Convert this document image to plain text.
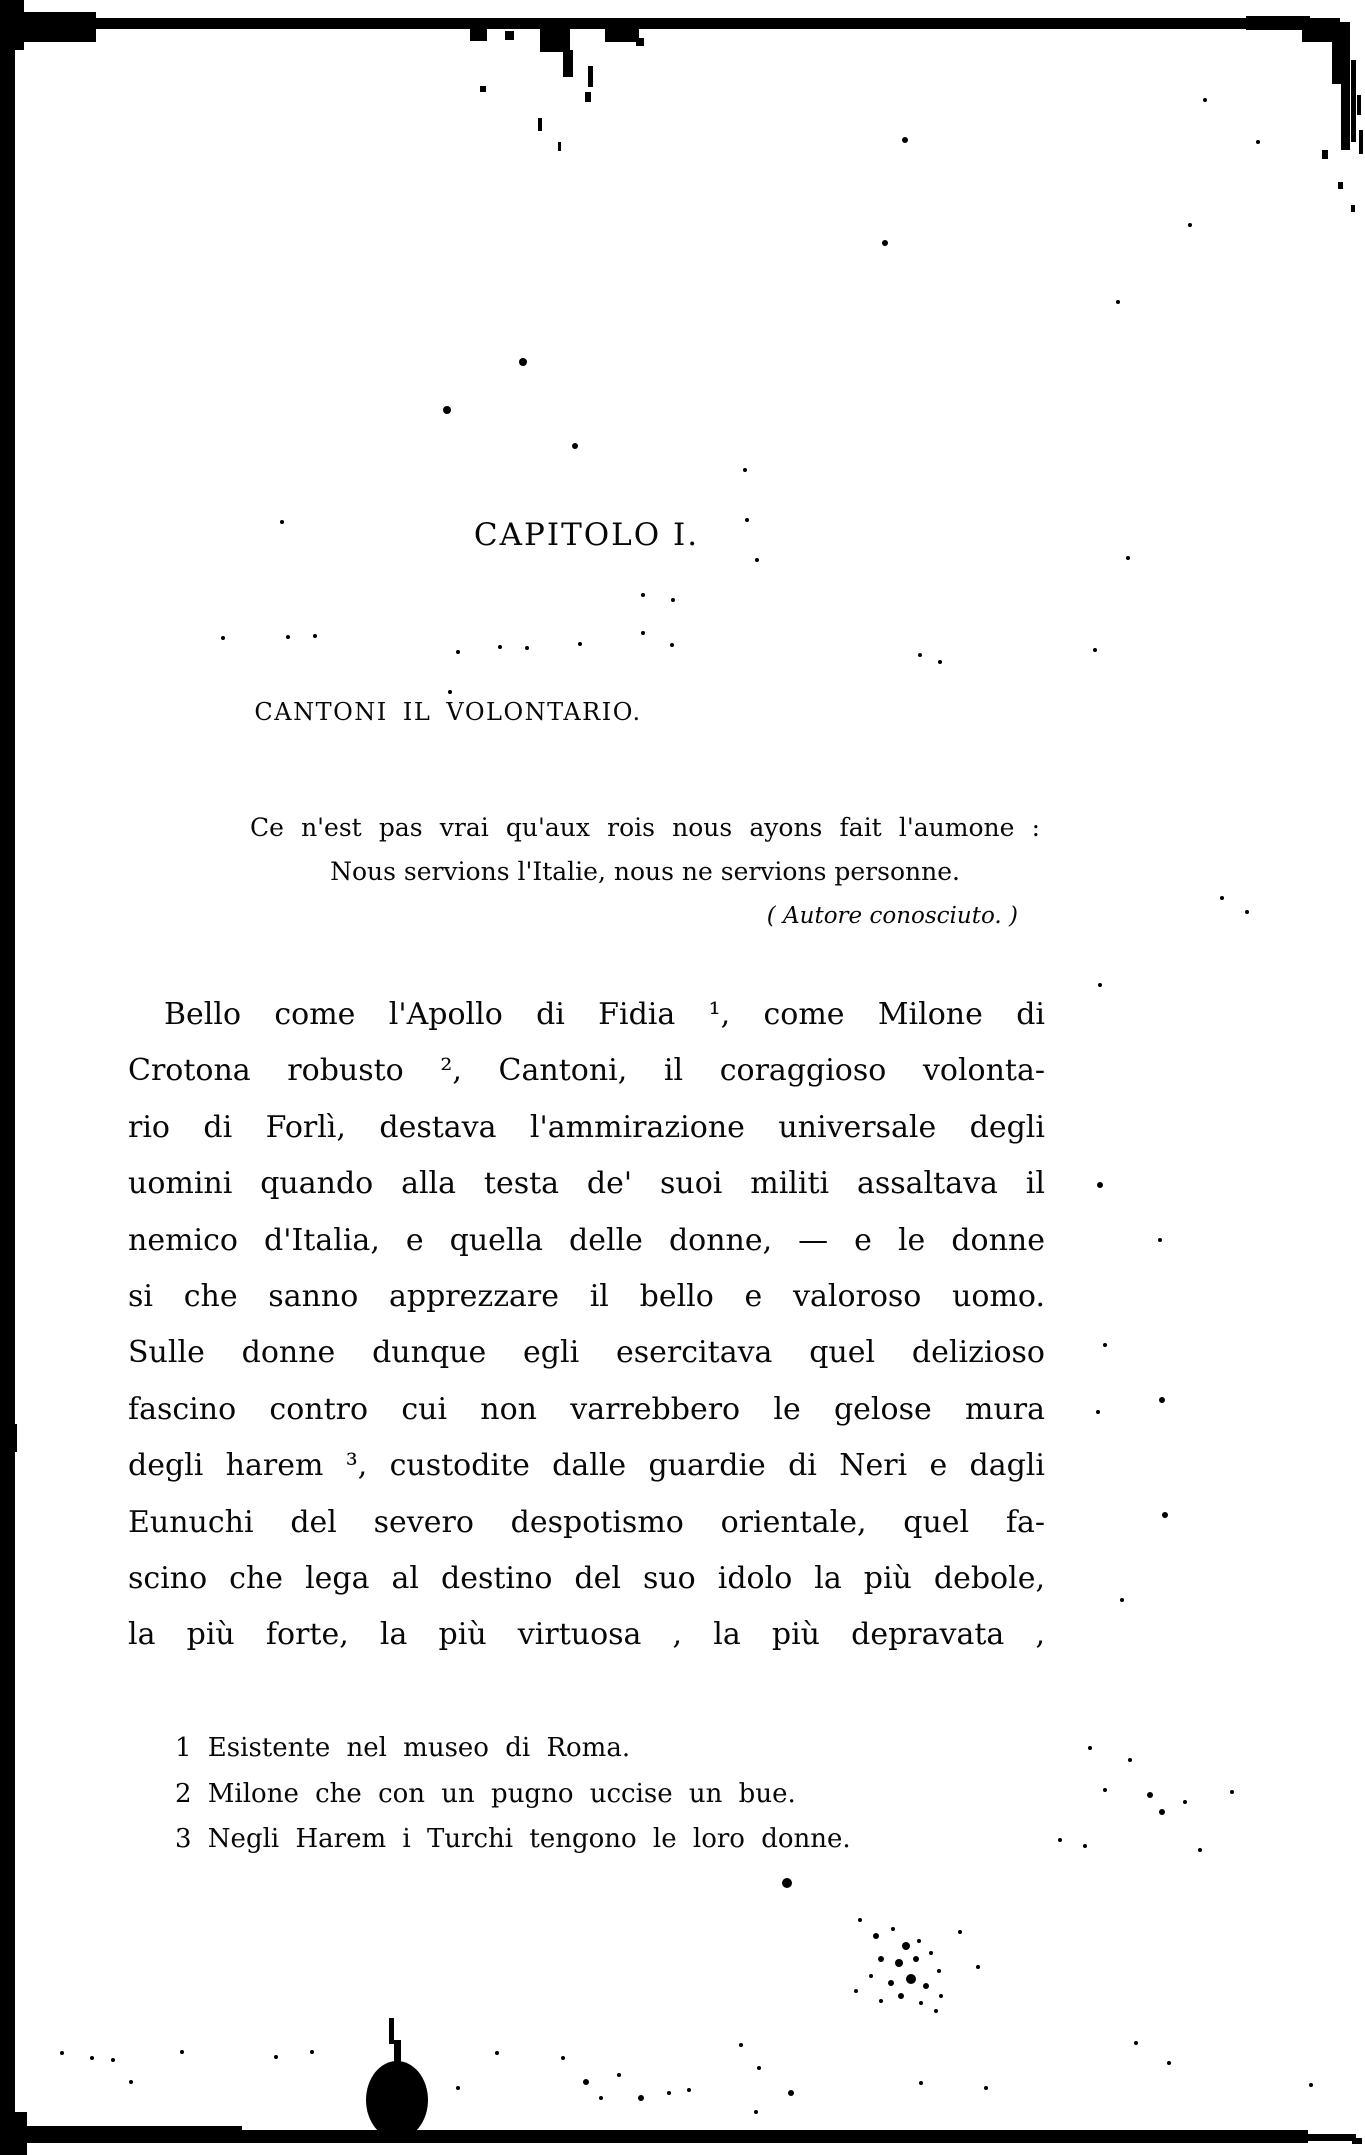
CAPITOLO I.
CANTONI IL VOLONTARIO.
Ce n'est pas vrai qu'aux rois nous ayons fait l'aumone :
Nous servions l'Italie, nous ne servions personne.
( Autore conosciuto. )
Bello come l'Apollo di Fidia ¹, come Milone di
Crotona robusto ², Cantoni, il coraggioso volonta-
rio di Forlì, destava l'ammirazione universale degli
uomini quando alla testa de' suoi militi assaltava il
nemico d'Italia, e quella delle donne, — e le donne
si che sanno apprezzare il bello e valoroso uomo.
Sulle donne dunque egli esercitava quel delizioso
fascino contro cui non varrebbero le gelose mura
degli harem ³, custodite dalle guardie di Neri e dagli
Eunuchi del severo despotismo orientale, quel fa-
scino che lega al destino del suo idolo la più debole,
la più forte, la più virtuosa , la più depravata ,
1 Esistente nel museo di Roma.
2 Milone che con un pugno uccise un bue.
3 Negli Harem i Turchi tengono le loro donne.
